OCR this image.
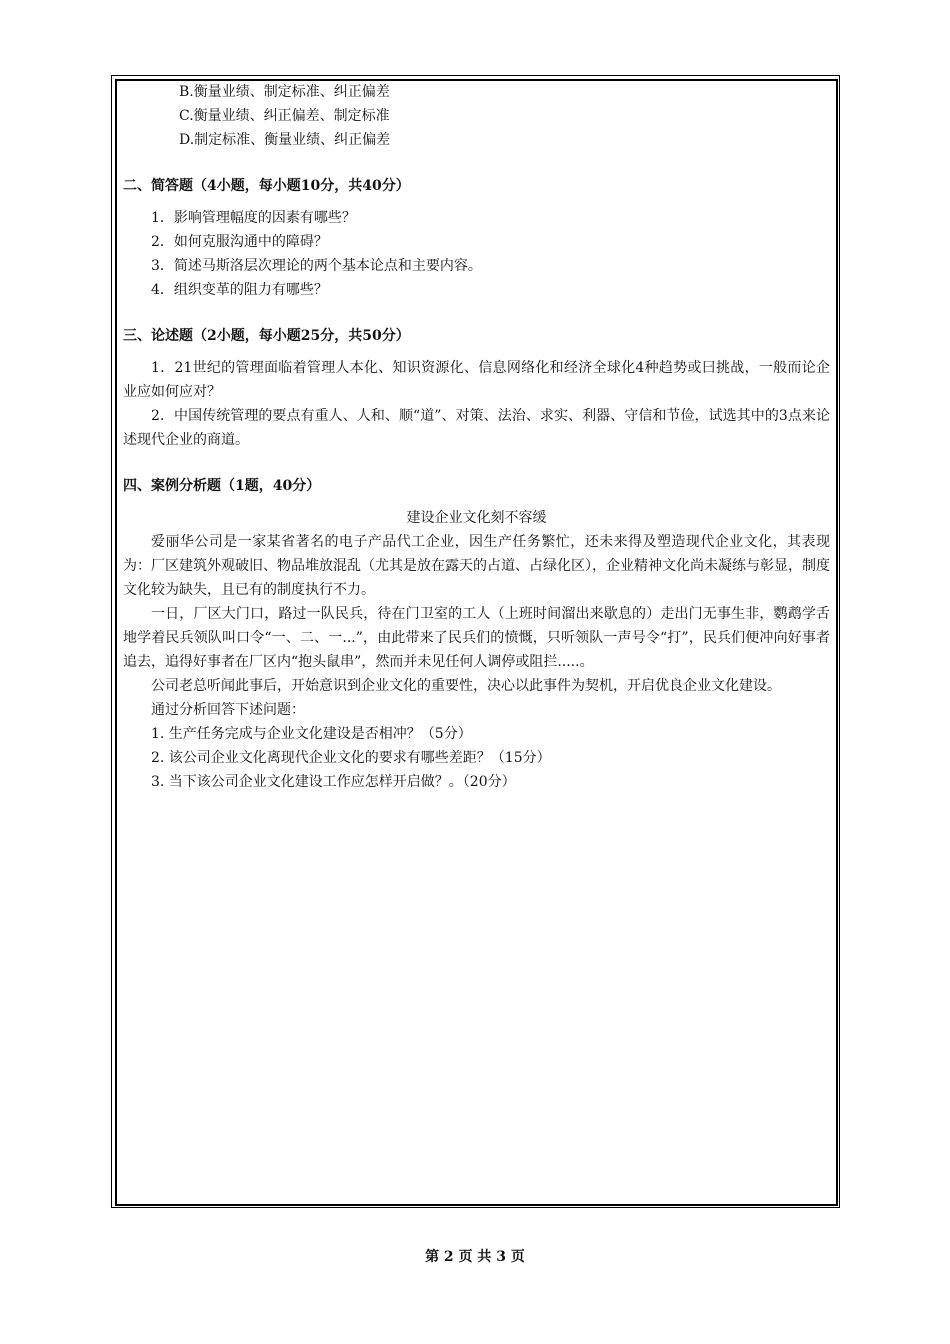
B.衡量业绩、制定标准、纠正偏差
C.衡量业绩、纠正偏差、制定标准
D.制定标准、衡量业绩、纠正偏差
二、简答题（4小题，每小题10分，共40分）
1．影响管理幅度的因素有哪些？
2．如何克服沟通中的障碍？
3．简述马斯洛层次理论的两个基本论点和主要内容。
4．组织变革的阻力有哪些？
三、论述题（2小题，每小题25分，共50分）
1．21世纪的管理面临着管理人本化、知识资源化、信息网络化和经济全球化4种趋势或曰挑战，一般而论企业应如何应对？
2．中国传统管理的要点有重人、人和、顺“道”、对策、法治、求实、利器、守信和节俭，试选其中的3点来论述现代企业的商道。
四、案例分析题（1题，40分）
建设企业文化刻不容缓
爱丽华公司是一家某省著名的电子产品代工企业，因生产任务繁忙，还未来得及塑造现代企业文化，其表现为：厂区建筑外观破旧、物品堆放混乱（尤其是放在露天的占道、占绿化区），企业精神文化尚未凝练与彰显，制度文化较为缺失，且已有的制度执行不力。
一日，厂区大门口，路过一队民兵，待在门卫室的工人（上班时间溜出来歇息的）走出门无事生非，鹦鹉学舌地学着民兵领队叫口令“一、二、一...”，由此带来了民兵们的愤慨，只听领队一声号令“打”，民兵们便冲向好事者追去，追得好事者在厂区内“抱头鼠串”，然而并未见任何人调停或阻拦.....。
公司老总听闻此事后，开始意识到企业文化的重要性，决心以此事件为契机，开启优良企业文化建设。
通过分析回答下述问题：
1. 生产任务完成与企业文化建设是否相冲？（5分）
2. 该公司企业文化离现代企业文化的要求有哪些差距？（15分）
3. 当下该公司企业文化建设工作应怎样开启做？。（20分）
第 2 页 共 3 页
